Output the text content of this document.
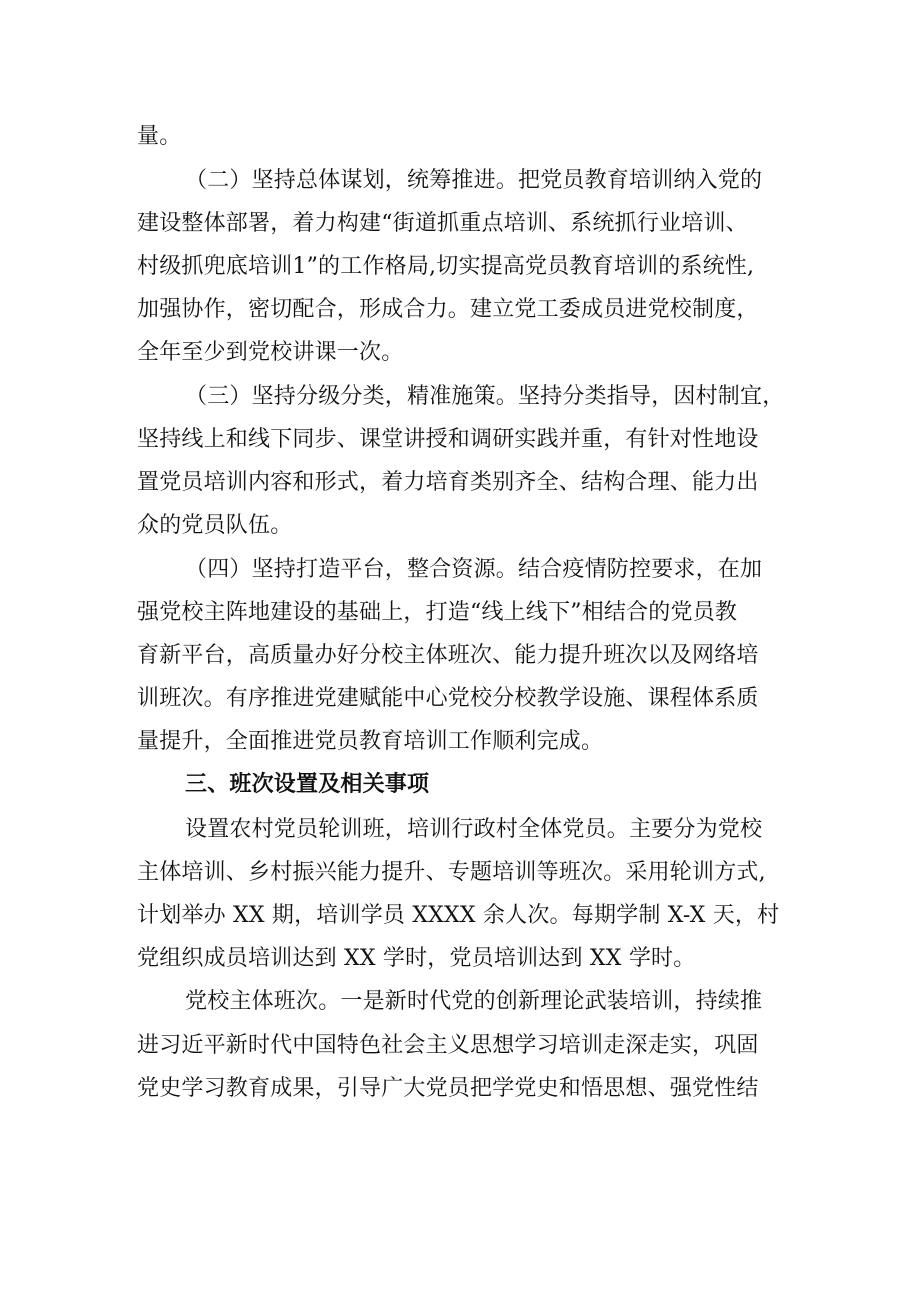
量。
（二）坚持总体谋划，统筹推进。把党员教育培训纳入党的
建设整体部署，着力构建“街道抓重点培训、系统抓行业培训、
村级抓兜底培训1”的工作格局,切实提高党员教育培训的系统性,
加强协作，密切配合，形成合力。建立党工委成员进党校制度，
全年至少到党校讲课一次。
（三）坚持分级分类，精准施策。坚持分类指导，因村制宜，
坚持线上和线下同步、课堂讲授和调研实践并重，有针对性地设
置党员培训内容和形式，着力培育类别齐全、结构合理、能力出
众的党员队伍。
（四）坚持打造平台，整合资源。结合疫情防控要求，在加
强党校主阵地建设的基础上，打造“线上线下”相结合的党员教
育新平台，高质量办好分校主体班次、能力提升班次以及网络培
训班次。有序推进党建赋能中心党校分校教学设施、课程体系质
量提升，全面推进党员教育培训工作顺利完成。
三、班次设置及相关事项
设置农村党员轮训班，培训行政村全体党员。主要分为党校
主体培训、乡村振兴能力提升、专题培训等班次。采用轮训方式,
计划举办 XX 期，培训学员 XXXX 余人次。每期学制 X-X 天，村
党组织成员培训达到 XX 学时，党员培训达到 XX 学时。
党校主体班次。一是新时代党的创新理论武装培训，持续推
进习近平新时代中国特色社会主义思想学习培训走深走实，巩固
党史学习教育成果，引导广大党员把学党史和悟思想、强党性结
